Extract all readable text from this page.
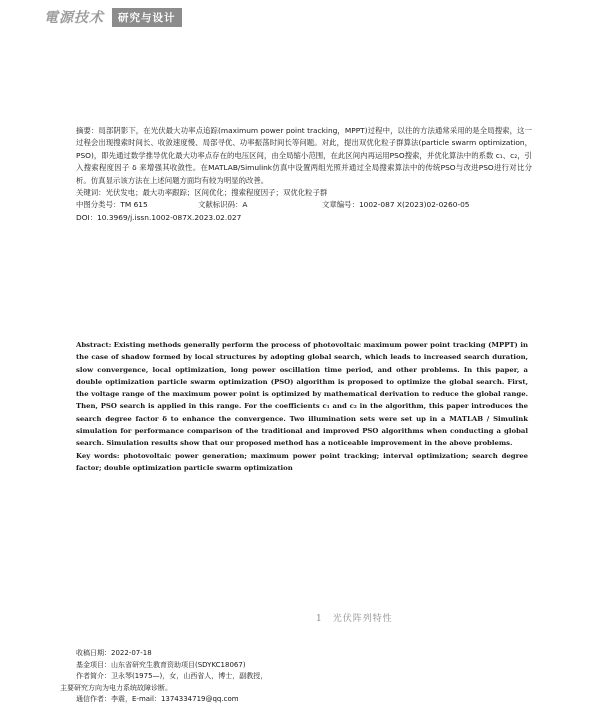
電源技术	研究与设计

摘要：局部阴影下，在光伏最大功率点追踪(maximum power point tracking，MPPT)过程中，以往的方法通常采用的是全局搜索，这一过程会出现搜索时间长、收敛速度慢、局部寻优、功率振荡时间长等问题。对此，提出双优化粒子群算法(particle swarm optimization，PSO)，即先通过数学推导优化最大功率点存在的电压区间，由全局缩小范围，在此区间内再运用PSO搜索，并优化算法中的系数 c₁、c₂，引入搜索程度因子 δ 来增强其收敛性。在MATLAB/Simulink仿真中设置两组光照并通过全局搜索算法中的传统PSO与改进PSO进行对比分析。仿真显示该方法在上述问题方面均有较为明显的改善。

关键词：光伏发电；最大功率跟踪；区间优化；搜索程度因子；双优化粒子群

中图分类号：TM 615	文献标识码：A	文章编号：1002-087 X(2023)02-0260-05

DOI：10.3969/j.issn.1002-087X.2023.02.027

Abstract: Existing methods generally perform the process of photovoltaic maximum power point tracking (MPPT) in the case of shadow formed by local structures by adopting global search, which leads to increased search duration, slow convergence, local optimization, long power oscillation time period, and other problems. In this paper, a double optimization particle swarm optimization (PSO) algorithm is proposed to optimize the global search. First, the voltage range of the maximum power point is optimized by mathematical derivation to reduce the global range. Then, PSO search is applied in this range. For the coefficients c₁ and c₂ in the algorithm, this paper introduces the search degree factor δ to enhance the convergence. Two illumination sets were set up in a MATLAB / Simulink simulation for performance comparison of the traditional and improved PSO algorithms when conducting a global search. Simulation results show that our proposed method has a noticeable improvement in the above problems.

Key words: photovoltaic power generation; maximum power point tracking; interval optimization; search degree factor; double optimization particle swarm optimization

1 光伏阵列特性

收稿日期：2022-07-18

基金项目：山东省研究生教育资助项目(SDYKC18067)

作者简介：卫永琴(1975—)，女，山西省人，博士，副教授，

主要研究方向为电力系统故障诊断。

通信作者：李震，E-mail：1374334719@qq.com
